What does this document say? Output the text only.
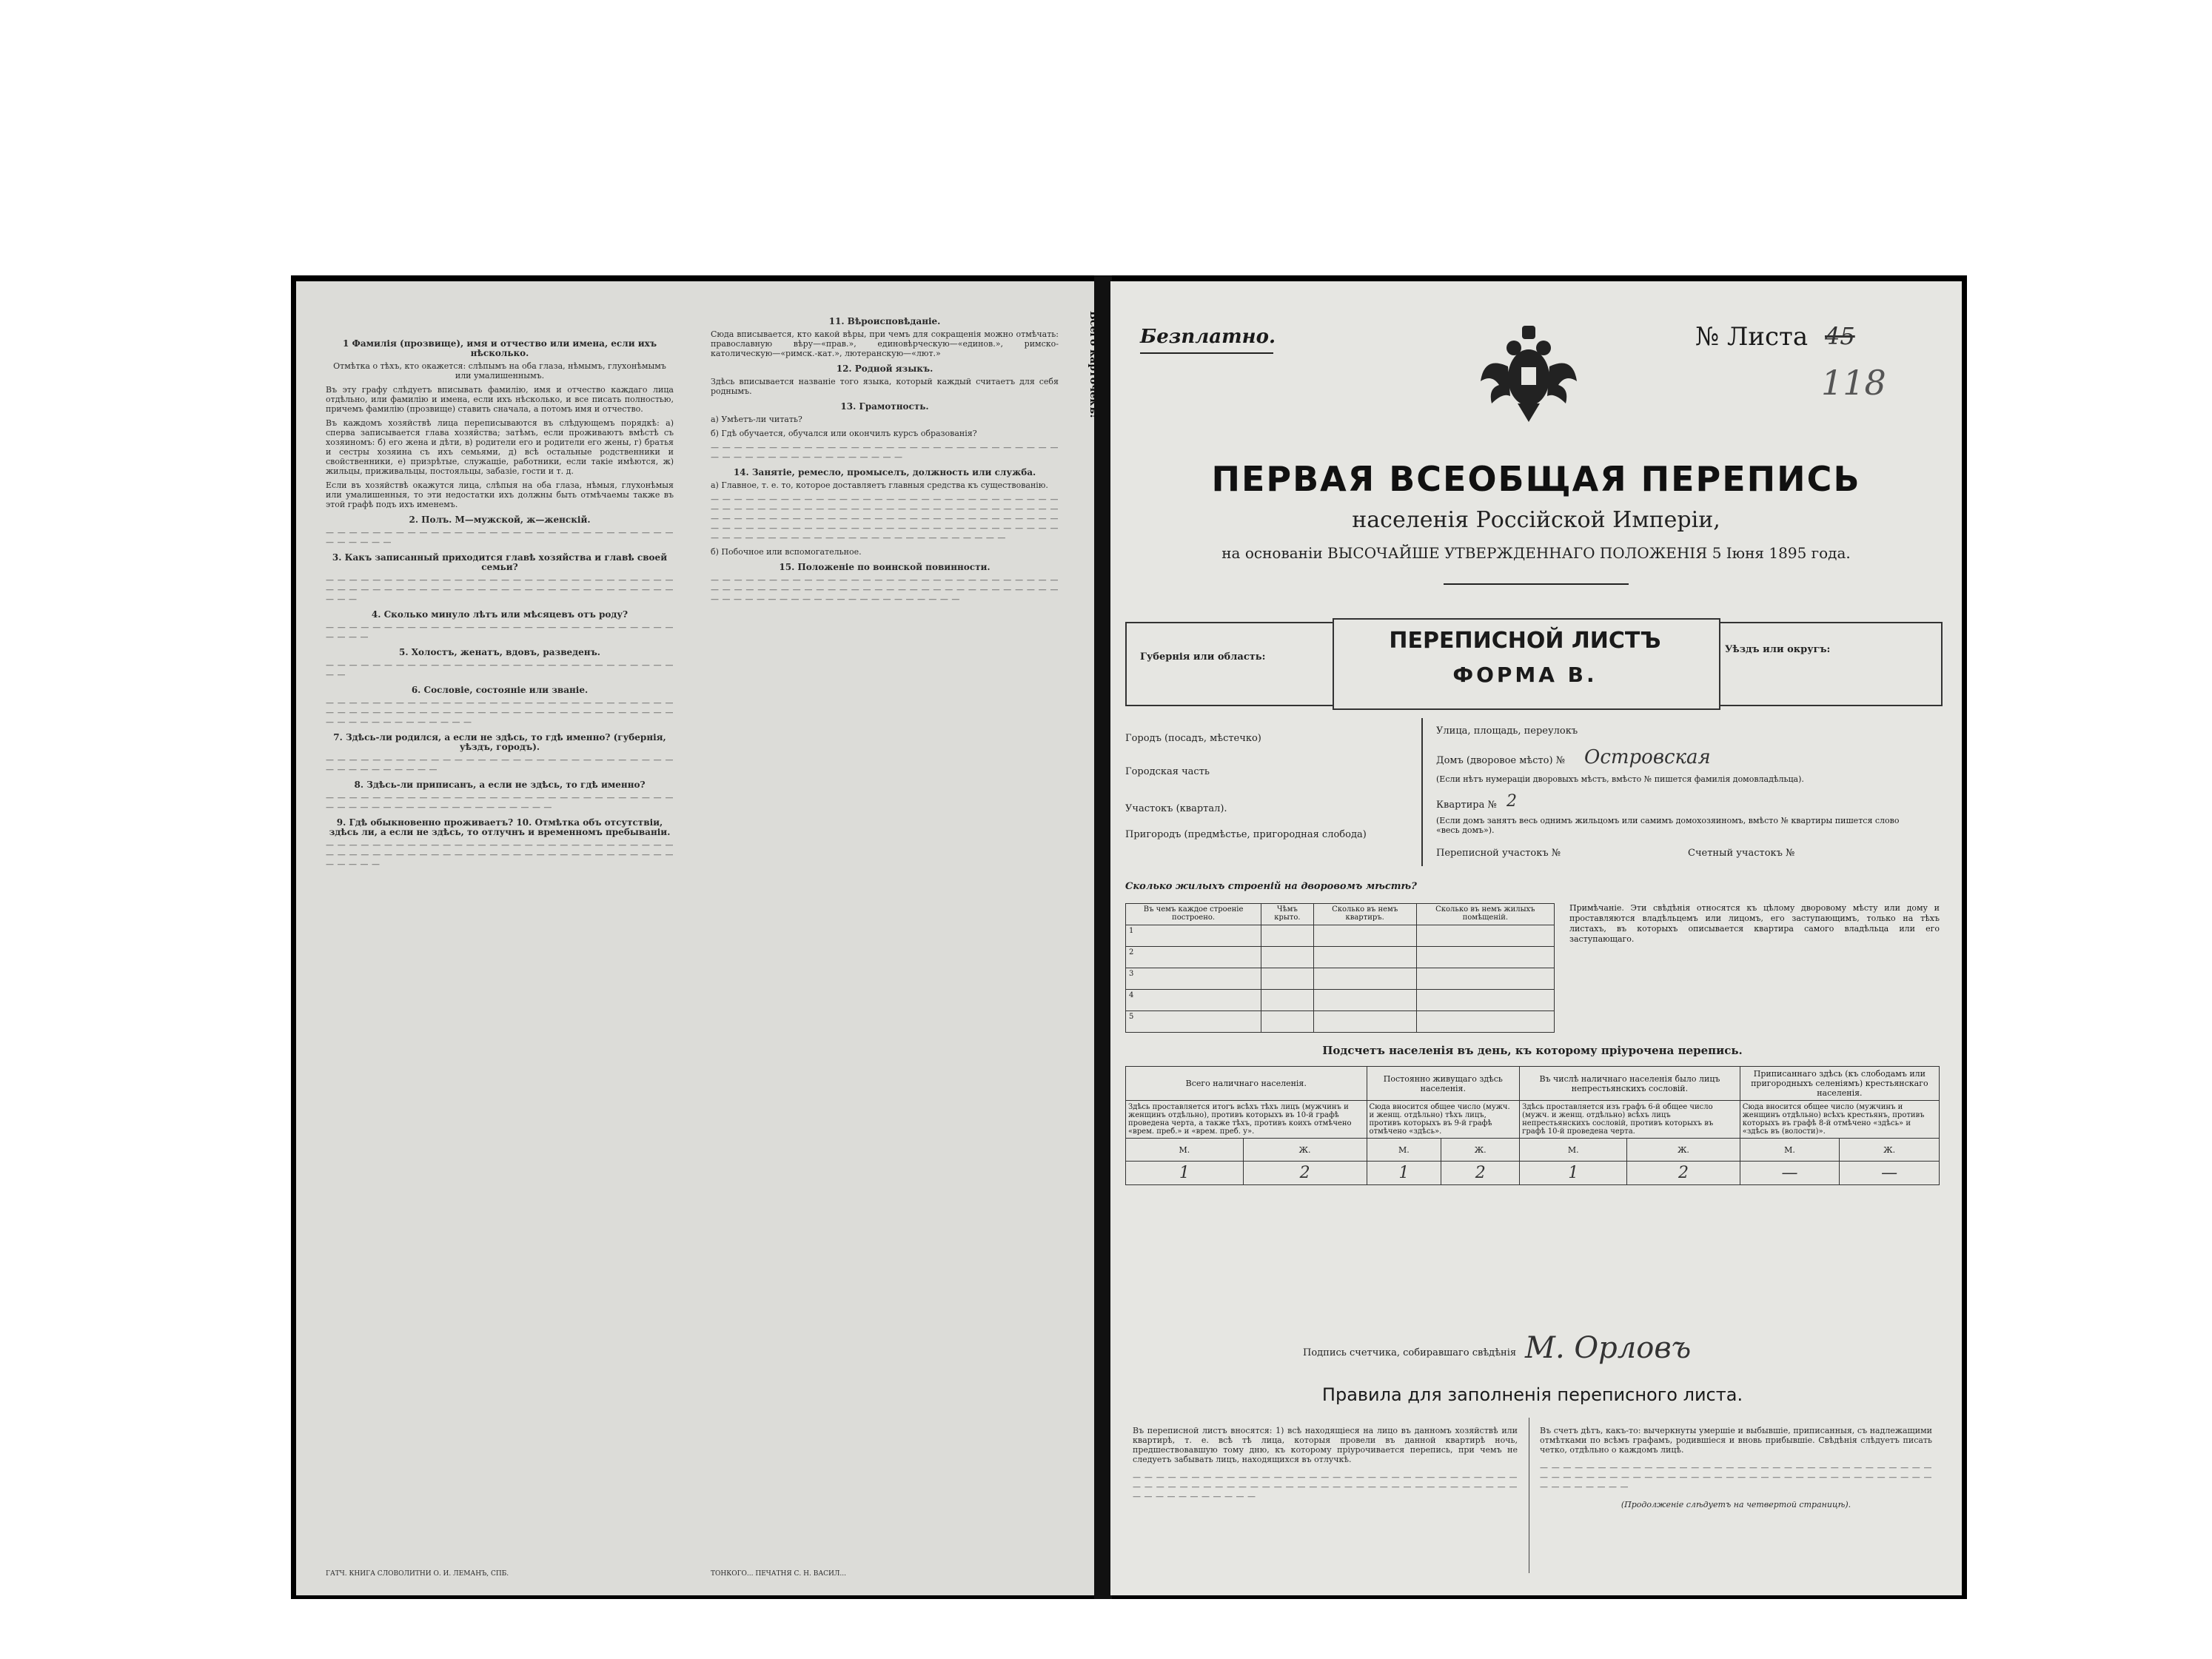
1 Фамилія (прозвище), имя и отчество или имена, если ихъ нѣсколько.

Отмѣтка о тѣхъ, кто окажется: слѣпымъ на оба глаза, нѣмымъ, глухонѣмымъ или умалишеннымъ.

Въ эту графу слѣдуетъ вписывать фамилію, имя и отчество каждаго лица отдѣльно, или фамилію и имена, если ихъ нѣсколько, и все писать полностью, причемъ фамилію (прозвище) ставить сначала, а потомъ имя и отчество.

Въ каждомъ хозяйствѣ лица переписываются въ слѣдующемъ порядкѣ: а) сперва записывается глава хозяйства; затѣмъ, если проживаютъ вмѣстѣ съ хозяиномъ: б) его жена и дѣти, в) родители его и родители его жены, г) братья и сестры хозяина съ ихъ семьями, д) всѣ остальные родственники и свойственники, е) призрѣтые, служащіе, работники, если такіе имѣются, ж) жильцы, приживальцы, постояльцы, забазіе, гости и т. д.

Если въ хозяйствѣ окажутся лица, слѣпыя на оба глаза, нѣмыя, глухонѣмыя или умалишенныя, то эти недостатки ихъ должны быть отмѣчаемы также въ этой графѣ подъ ихъ именемъ.

2. Полъ. М—мужской, ж—женскій.

— — — — — — — — — — — — — — — — — — — — — — — — — — — — — — — — — — — —

3. Какъ записанный приходится главѣ хозяйства и главѣ своей семьи?

— — — — — — — — — — — — — — — — — — — — — — — — — — — — — — — — — — — — — — — — — — — — — — — — — — — — — — — — — — — — — — —

4. Сколько минуло лѣтъ или мѣсяцевъ отъ роду?

— — — — — — — — — — — — — — — — — — — — — — — — — — — — — — — — — —

5. Холостъ, женатъ, вдовъ, разведенъ.

— — — — — — — — — — — — — — — — — — — — — — — — — — — — — — — —

6. Сословіе, состояніе или званіе.

— — — — — — — — — — — — — — — — — — — — — — — — — — — — — — — — — — — — — — — — — — — — — — — — — — — — — — — — — — — — — — — — — — — — — — — — —

7. Здѣсь-ли родился, а если не здѣсь, то гдѣ именно? (губернія, уѣздъ, городъ).

— — — — — — — — — — — — — — — — — — — — — — — — — — — — — — — — — — — — — — — —

8. Здѣсь-ли приписанъ, а если не здѣсь, то гдѣ именно?

— — — — — — — — — — — — — — — — — — — — — — — — — — — — — — — — — — — — — — — — — — — — — — — — — —

9. Гдѣ обыкновенно проживаетъ? 10. Отмѣтка объ отсутствіи, здѣсь ли, а если не здѣсь, то отлучнъ и временномъ пребываніи.

— — — — — — — — — — — — — — — — — — — — — — — — — — — — — — — — — — — — — — — — — — — — — — — — — — — — — — — — — — — — — — — — —

ГАТЧ. КНИГА СЛОВОЛИТНИ О. И. ЛЕМАНЪ, СПБ.
11. Вѣроисповѣданіе.

Сюда вписывается, кто какой вѣры, при чемъ для сокращенія можно отмѣчать: православную вѣру—«прав.», единовѣрческую—«единов.», римско-католическую—«римск.-кат.», лютеранскую—«лют.»

12. Родной языкъ.

Здѣсь вписывается названіе того языка, который каждый считаетъ для себя роднымъ.

13. Грамотность.

а) Умѣетъ-ли читать?

б) Гдѣ обучается, обучался или окончилъ курсъ образованія?

— — — — — — — — — — — — — — — — — — — — — — — — — — — — — — — — — — — — — — — — — — — — — — —

14. Занятіе, ремесло, промыселъ, должность или служба.

а) Главное, т. е. то, которое доставляетъ главныя средства къ существованію.

— — — — — — — — — — — — — — — — — — — — — — — — — — — — — — — — — — — — — — — — — — — — — — — — — — — — — — — — — — — — — — — — — — — — — — — — — — — — — — — — — — — — — — — — — — — — — — — — — — — — — — — — — — — — — — — — — — — — — — — — — — — — — — — — — — — — — — — — — — — — — — — — — —

б) Побочное или вспомогательное.

15. Положеніе по воинской повинности.

— — — — — — — — — — — — — — — — — — — — — — — — — — — — — — — — — — — — — — — — — — — — — — — — — — — — — — — — — — — — — — — — — — — — — — — — — — — — — — — — — —

ТОНКОГО... ПЕЧАТНЯ С. Н. ВАСИЛ...
Всего карточекъ! Безплатно.	№ Листа 45
118
ПЕРВАЯ ВСЕОБЩАЯ ПЕРЕПИСЬ
населенія Россійской Имперіи,
на основаніи ВЫСОЧАЙШЕ УТВЕРЖДЕННАГО ПОЛОЖЕНІЯ 5 Іюня 1895 года.
Губернія или область:
ПЕРЕПИСНОЙ ЛИСТЪ
ФОРМА В.
Уѣздъ или округъ:
Городъ (посадъ, мѣстечко)
Городская часть
Участокъ (квартал).
Пригородъ (предмѣстье, пригородная слобода)
Улица, площадь, переулокъ
Домъ (дворовое мѣсто) № Островская
(Если нѣтъ нумераціи дворовыхъ мѣстъ, вмѣсто № пишется фамилія домовладѣльца).
Квартира № 2
(Если домъ занятъ весь однимъ жильцомъ или самимъ домохозяиномъ, вмѣсто № квартиры пишется слово «весь домъ»).
Переписной участокъ №	Счетный участокъ №
Сколько жилыхъ строеній на дворовомъ мѣстѣ?
Въ чемъ каждое строеніе построено.	Чѣмъ крыто.	Сколько въ немъ квартиръ.	Сколько въ немъ жилыхъ помѣщеній.
1			
2			
3			
4			
5			
Примѣчаніе. Эти свѣдѣнія относятся къ цѣлому дворовому мѣсту или дому и проставляются владѣльцемъ или лицомъ, его заступающимъ, только на тѣхъ листахъ, въ которыхъ описывается квартира самого владѣльца или его заступающаго.
Подсчетъ населенія въ день, къ которому пріурочена перепись.
Всего наличнаго населенія.		Постоянно живущаго здѣсь населенія.		Въ числѣ наличнаго населенія было лицъ непрестьянскихъ сословій.		Приписаннаго здѣсь (къ слободамъ или пригородныхъ селеніямъ) крестьянскаго населенія.	
Здѣсь проставляется итогъ всѣхъ тѣхъ лицъ (мужчинъ и женщинъ отдѣльно), противъ которыхъ въ 10-й графѣ проведена черта, а также тѣхъ, противъ коихъ отмѣчено «врем. преб.» и «врем. преб. у».		Сюда вносится общее число (мужч. и женщ. отдѣльно) тѣхъ лицъ, противъ которыхъ въ 9-й графѣ отмѣчено «здѣсь».		Здѣсь проставляется изъ графъ 6-й общее число (мужч. и женщ. отдѣльно) всѣхъ лицъ непрестьянскихъ сословій, противъ которыхъ въ графѣ 10-й проведена черта.		Сюда вносится общее число (мужчинъ и женщинъ отдѣльно) всѣхъ крестьянъ, противъ которыхъ въ графѣ 8-й отмѣчено «здѣсь» и «здѣсь въ (волости)».	
М.	Ж.	М.	Ж.	М.	Ж.	М.	Ж.
1	2	1	2	1	2	—	—
Подпись счетчика, собиравшаго свѣдѣнія М. Орловъ
Правила для заполненія переписного листа.

Въ переписной листъ вносятся: 1) всѣ находящіеся на лицо въ данномъ хозяйствѣ или квартирѣ, т. е. всѣ тѣ лица, которыя провели въ данной квартирѣ ночь, предшествовавшую тому дню, къ которому пріурочивается перепись, при чемъ не следуетъ забывать лицъ, находящихся въ отлучкѣ.

— — — — — — — — — — — — — — — — — — — — — — — — — — — — — — — — — — — — — — — — — — — — — — — — — — — — — — — — — — — — — — — — — — — — — — — — — — — — —

Въ счетъ дѣтъ, какъ-то: вычеркнуты умершіе и выбывшіе, приписанныя, съ надлежащими отмѣтками по всѣмъ графамъ, родившіеся и вновь прибывшіе. Свѣдѣнія слѣдуетъ писать четко, отдѣльно о каждомъ лицѣ.

— — — — — — — — — — — — — — — — — — — — — — — — — — — — — — — — — — — — — — — — — — — — — — — — — — — — — — — — — — — — — — — — — — — — — — — — — — — —

(Продолженіе слѣдуетъ на четвертой страницѣ).
